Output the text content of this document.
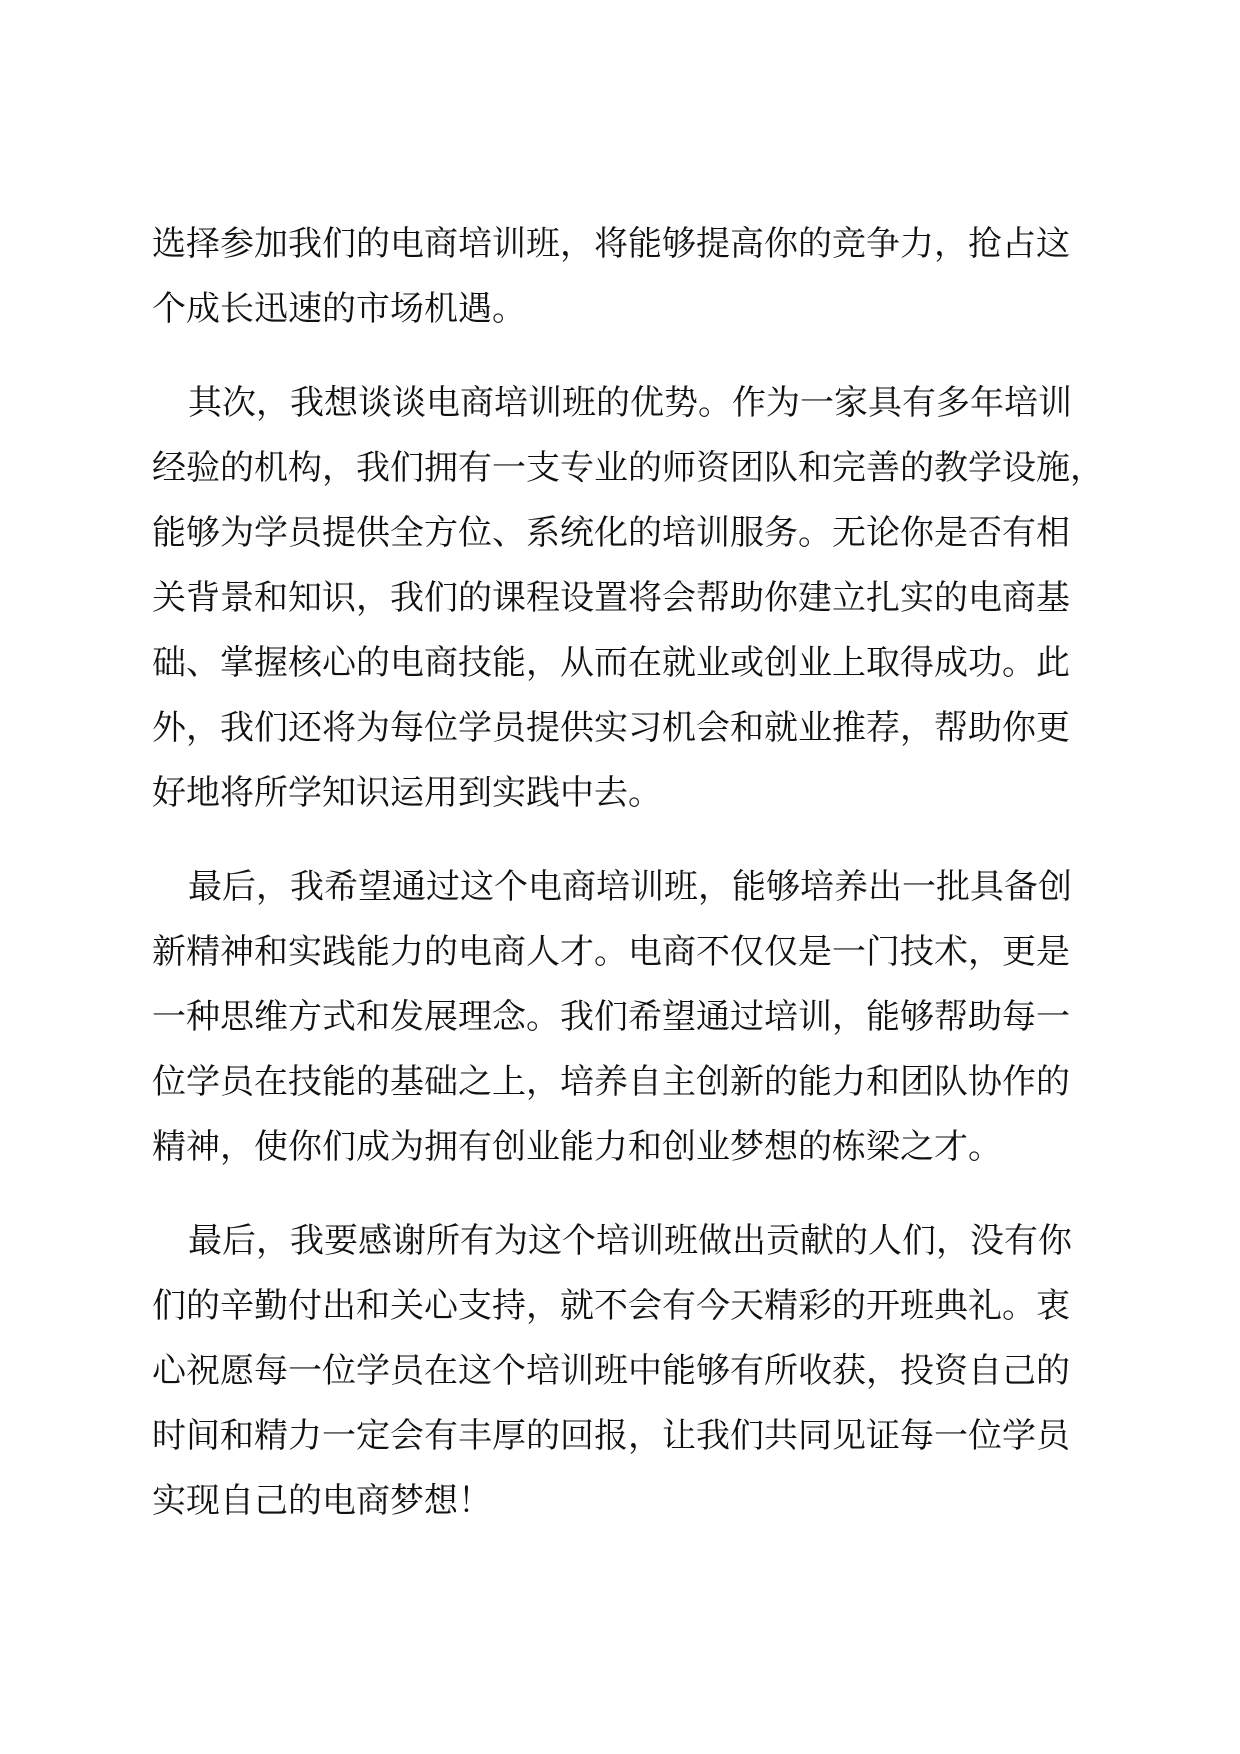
选择参加我们的电商培训班，将能够提高你的竞争力，抢占这
个成长迅速的市场机遇。
其次，我想谈谈电商培训班的优势。作为一家具有多年培训
经验的机构，我们拥有一支专业的师资团队和完善的教学设施，
能够为学员提供全方位、系统化的培训服务。无论你是否有相
关背景和知识，我们的课程设置将会帮助你建立扎实的电商基
础、掌握核心的电商技能，从而在就业或创业上取得成功。此
外，我们还将为每位学员提供实习机会和就业推荐，帮助你更
好地将所学知识运用到实践中去。
最后，我希望通过这个电商培训班，能够培养出一批具备创
新精神和实践能力的电商人才。电商不仅仅是一门技术，更是
一种思维方式和发展理念。我们希望通过培训，能够帮助每一
位学员在技能的基础之上，培养自主创新的能力和团队协作的
精神，使你们成为拥有创业能力和创业梦想的栋梁之才。
最后，我要感谢所有为这个培训班做出贡献的人们，没有你
们的辛勤付出和关心支持，就不会有今天精彩的开班典礼。衷
心祝愿每一位学员在这个培训班中能够有所收获，投资自己的
时间和精力一定会有丰厚的回报，让我们共同见证每一位学员
实现自己的电商梦想！
